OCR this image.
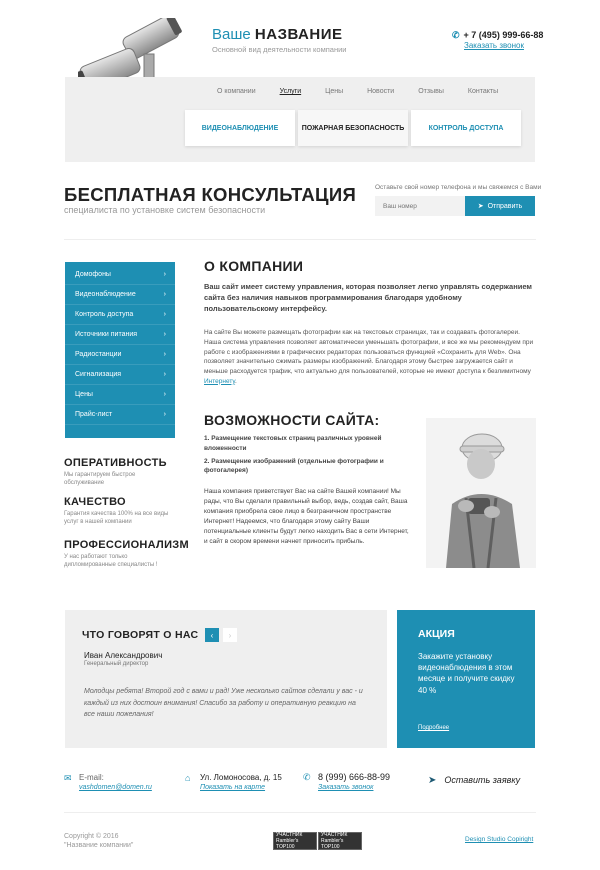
Ваше НАЗВАНИЕ
Основной вид деятельности компании
✆ + 7 (495) 999-66-88
Заказать звонок
О компании	Услуги	Цены	Новости	Отзывы	Контакты
ВИДЕОНАБЛЮДЕНИЕ	ПОЖАРНАЯ БЕЗОПАСНОСТЬ	КОНТРОЛЬ ДОСТУПА
БЕСПЛАТНАЯ КОНСУЛЬТАЦИЯ
специалиста по установке систем безопасности
Оставьте свой номер телефона и мы свяжемся с Вами
Ваш номер
➤ Отправить
Домофоны	›
Видеонаблюдение	›
Контроль доступа	›
Источники питания	›
Радиостанции	›
Сигнализация	›
Цены	›
Прайс-лист	›
ОПЕРАТИВНОСТЬ
Мы гарантируем быстрое обслуживание
КАЧЕСТВО
Гарантия качества 100% на все виды услуг в нашей компании
ПРОФЕССИОНАЛИЗМ
У нас работают только дипломированные специалисты !
О КОМПАНИИ
Ваш сайт имеет систему управления, которая позволяет легко управлять содержанием сайта без наличия навыков программирования благодаря удобному пользовательскому интерфейсу.
На сайте Вы можете размещать фотографии как на текстовых страницах, так и создавать фотогалереи. Наша система управления позволяет автоматически уменьшать фотографии, и все же мы рекомендуем при работе с изображениями в графических редакторах пользоваться функцией «Сохранить для Web». Она позволяет значительно сжимать размеры изображений. Благодаря этому быстрее загружается сайт и меньше расходуется трафик, что актуально для пользователей, которые не имеют доступа к безлимитному Интернету.
ВОЗМОЖНОСТИ САЙТА:
1. Размещение текстовых страниц различных уровней вложенности
2. Размещение изображений (отдельные фотографии и фотогалерея)
Наша компания приветствует Вас на сайте Вашей компании! Мы рады, что Вы сделали правильный выбор, ведь, создав сайт, Ваша компания приобрела свое лицо в безграничном пространстве Интернет! Надеемся, что благодаря этому сайту Ваши потенциальные клиенты будут легко находить Вас в сети Интернет, и сайт в скором времени начнет приносить прибыль.
ЧТО ГОВОРЯТ О НАС	‹	›
Иван Александрович
Генеральный директор
Молодцы ребята! Второй год с вами и рад! Уже несколько сайтов сделали у вас - и каждый из них достоин внимания! Спасибо за работу и оперативную реакцию на все наши пожелания!
АКЦИЯ
Закажите установку видеонаблюдения в этом месяце и получите скидку 40 %
Подробнее
✉ E-mail:
vashdomen@domen.ru
⌂ Ул. Ломоносова, д. 15
Показать на карте
✆ 8 (999) 666-88-99
Заказать звонок
➤ Оставить заявку
Copyright © 2016
"Название компании"
УЧАСТНИК Rambler's TOP100
УЧАСТНИК Rambler's TOP100
Design Studio Copiright
